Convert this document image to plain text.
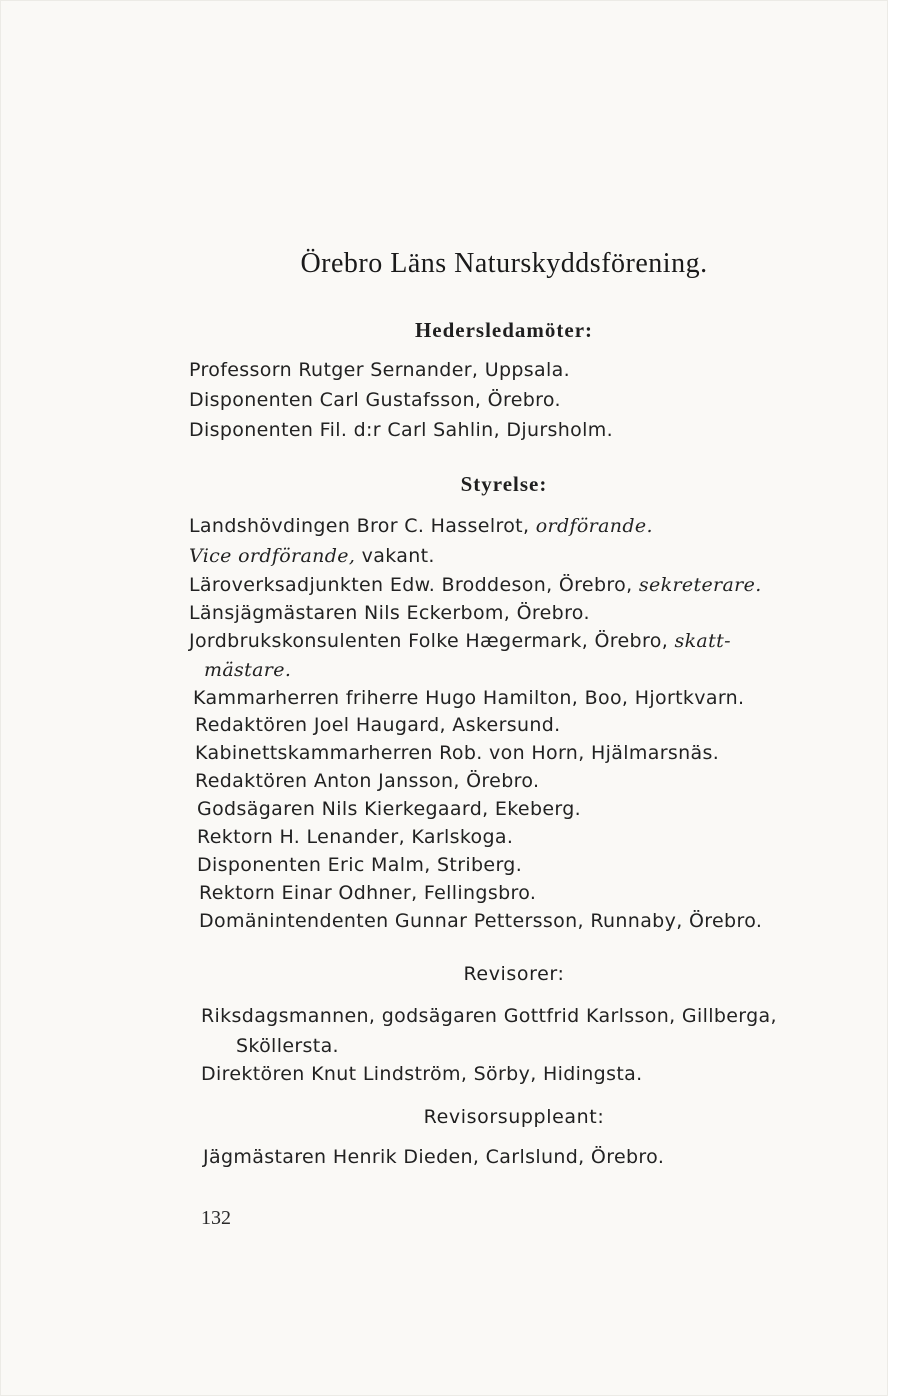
Örebro Läns Naturskyddsförening.
Hedersledamöter:
Professorn Rutger Sernander, Uppsala.
Disponenten Carl Gustafsson, Örebro.
Disponenten Fil. d:r Carl Sahlin, Djursholm.
Styrelse:
Landshövdingen Bror C. Hasselrot, ordförande.
Vice ordförande, vakant.
Läroverksadjunkten Edw. Broddeson, Örebro, sekreterare.
Länsjägmästaren Nils Eckerbom, Örebro.
Jordbrukskonsulenten Folke Hægermark, Örebro, skatt-
mästare.
Kammarherren friherre Hugo Hamilton, Boo, Hjortkvarn.
Redaktören Joel Haugard, Askersund.
Kabinettskammarherren Rob. von Horn, Hjälmarsnäs.
Redaktören Anton Jansson, Örebro.
Godsägaren Nils Kierkegaard, Ekeberg.
Rektorn H. Lenander, Karlskoga.
Disponenten Eric Malm, Striberg.
Rektorn Einar Odhner, Fellingsbro.
Domänintendenten Gunnar Pettersson, Runnaby, Örebro.
Revisorer:
Riksdagsmannen, godsägaren Gottfrid Karlsson, Gillberga,
Sköllersta.
Direktören Knut Lindström, Sörby, Hidingsta.
Revisorsuppleant:
Jägmästaren Henrik Dieden, Carlslund, Örebro.
132
